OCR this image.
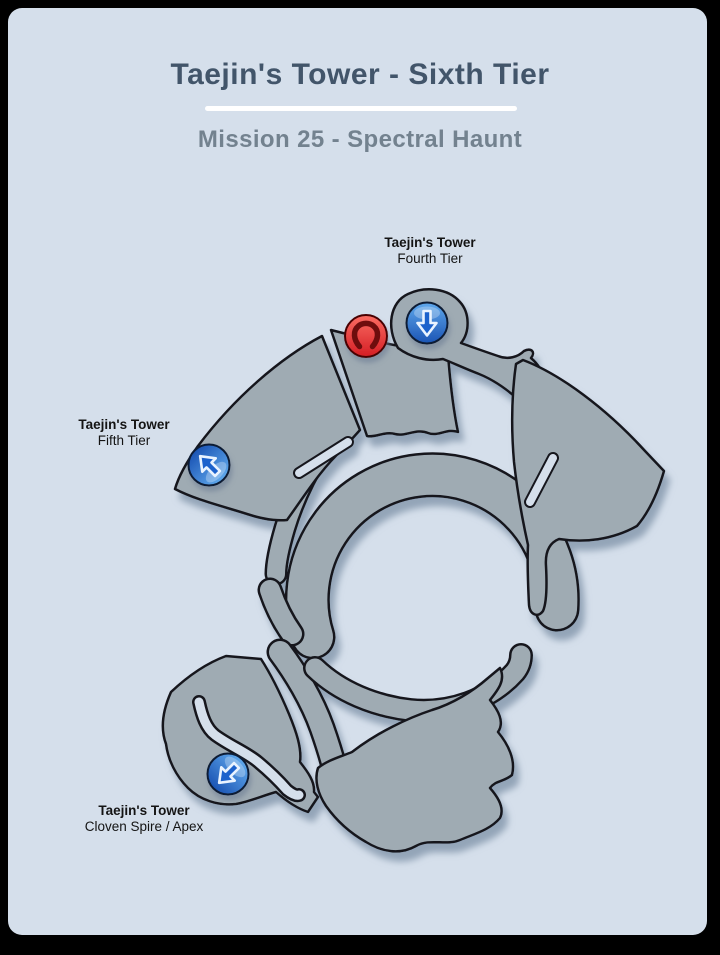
Taejin's Tower - Sixth Tier
Mission 25 - Spectral Haunt
Taejin's Tower
Fourth Tier
Taejin's Tower
Fifth Tier
Taejin's Tower
Cloven Spire / Apex
